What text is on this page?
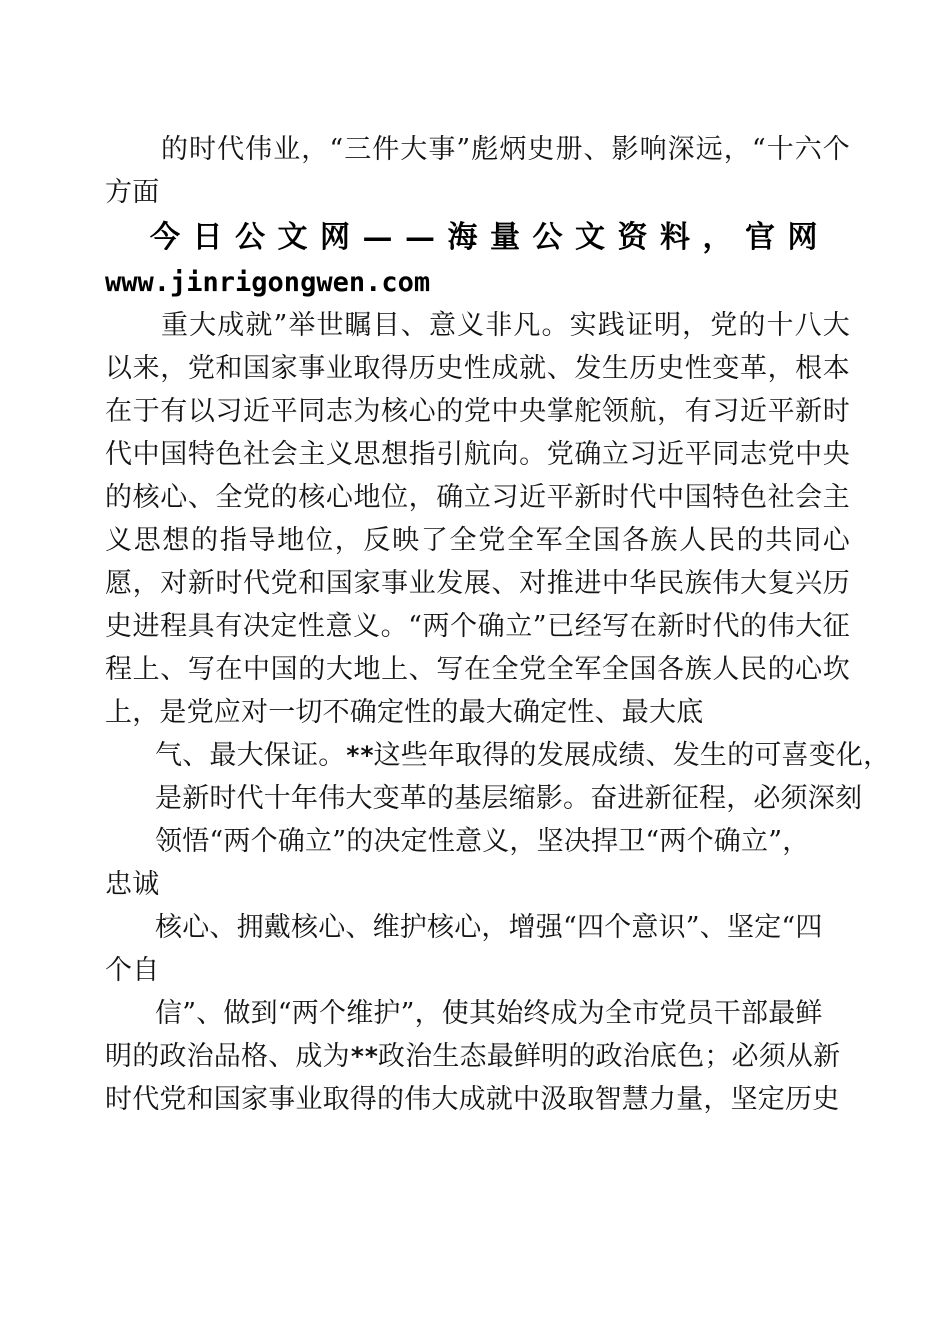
的时代伟业，“三件大事”彪炳史册、影响深远，“十六个方面

今日公文网——海量公文资料，官网

www.jinrigongwen.com

重大成就”举世瞩目、意义非凡。实践证明，党的十八大以来，党和国家事业取得历史性成就、发生历史性变革，根本在于有以习近平同志为核心的党中央掌舵领航，有习近平新时代中国特色社会主义思想指引航向。党确立习近平同志党中央的核心、全党的核心地位，确立习近平新时代中国特色社会主义思想的指导地位，反映了全党全军全国各族人民的共同心愿，对新时代党和国家事业发展、对推进中华民族伟大复兴历史进程具有决定性意义。“两个确立”已经写在新时代的伟大征程上、写在中国的大地上、写在全党全军全国各族人民的心坎上，是党应对一切不确定性的最大确定性、最大底

气、最大保证。**这些年取得的发展成绩、发生的可喜变化，
是新时代十年伟大变革的基层缩影。奋进新征程，必须深刻
领悟“两个确立”的决定性意义，坚决捍卫“两个确立”，
忠诚
核心、拥戴核心、维护核心，增强“四个意识”、坚定“四
个自
信”、做到“两个维护”，使其始终成为全市党员干部最鲜
明的政治品格、成为**政治生态最鲜明的政治底色；必须从新
时代党和国家事业取得的伟大成就中汲取智慧力量，坚定历史
